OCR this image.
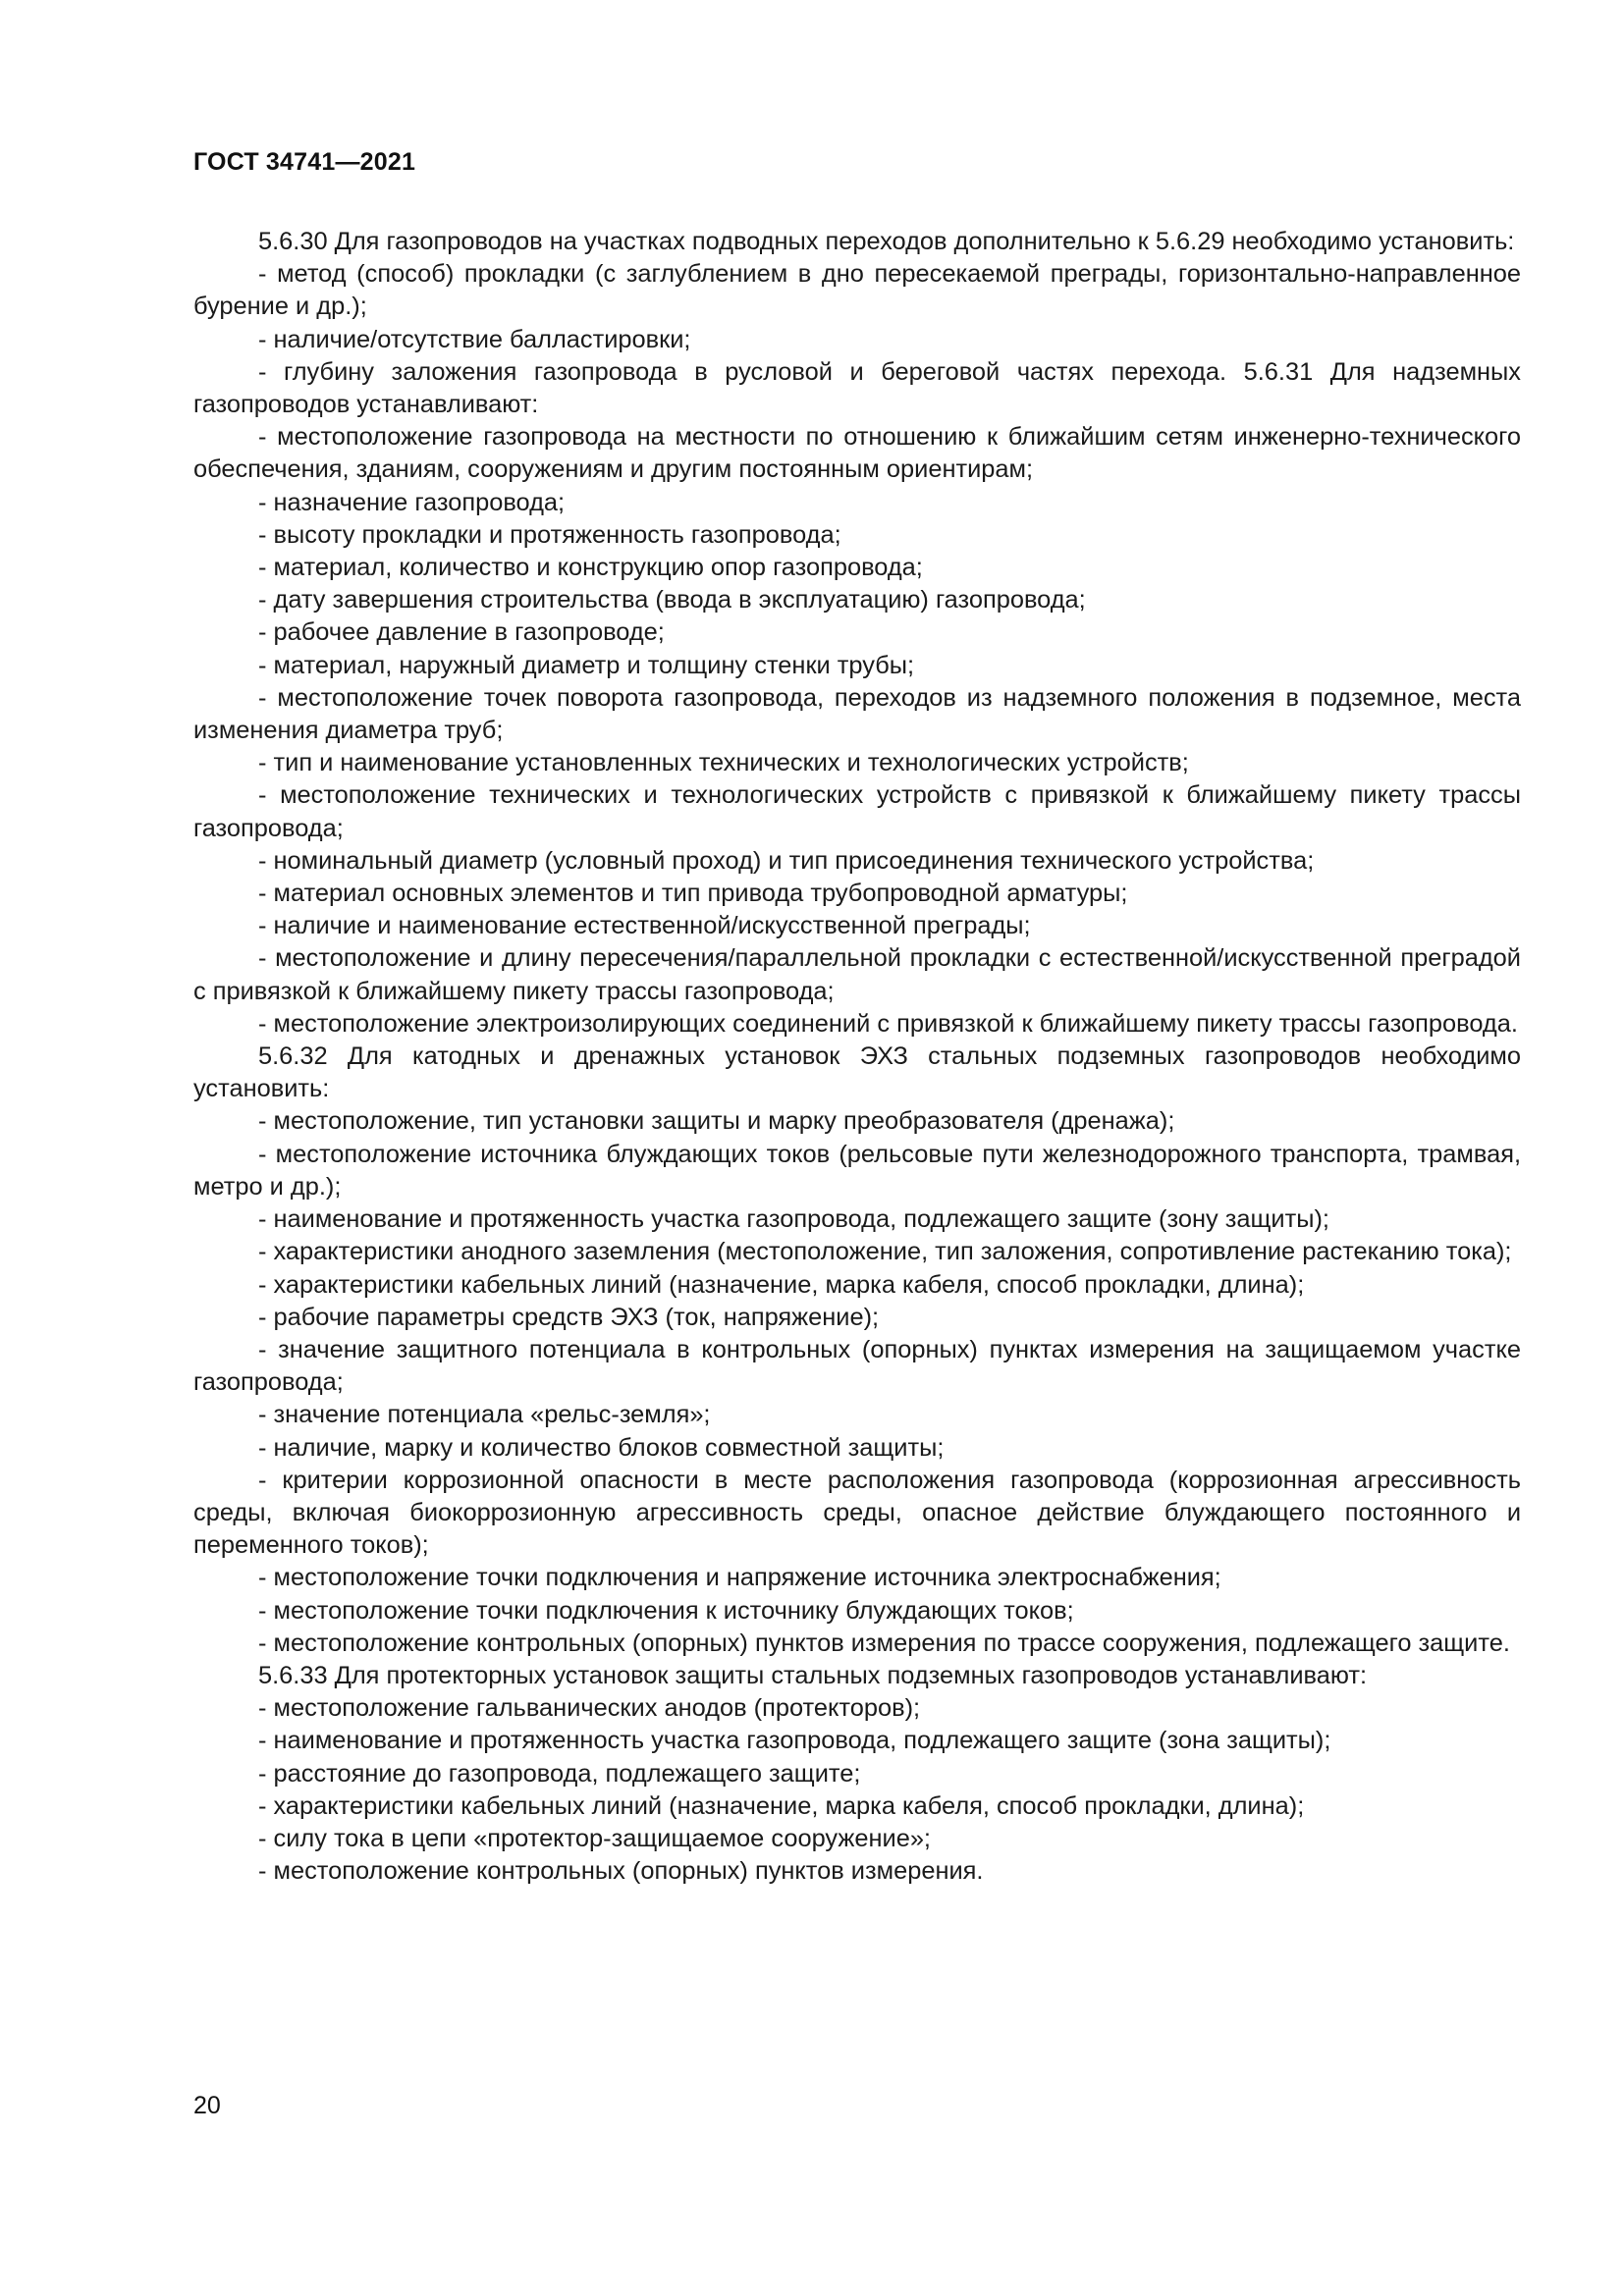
ГОСТ 34741—2021

5.6.30 Для газопроводов на участках подводных переходов дополнительно к 5.6.29 необходимо установить:

- метод (способ) прокладки (с заглублением в дно пересекаемой преграды, горизонтально-направленное бурение и др.);

- наличие/отсутствие балластировки;

- глубину заложения газопровода в русловой и береговой частях перехода. 5.6.31 Для надземных газопроводов устанавливают:

- местоположение газопровода на местности по отношению к ближайшим сетям инженерно-технического обеспечения, зданиям, сооружениям и другим постоянным ориентирам;

- назначение газопровода;

- высоту прокладки и протяженность газопровода;

- материал, количество и конструкцию опор газопровода;

- дату завершения строительства (ввода в эксплуатацию) газопровода;

- рабочее давление в газопроводе;

- материал, наружный диаметр и толщину стенки трубы;

- местоположение точек поворота газопровода, переходов из надземного положения в подземное, места изменения диаметра труб;

- тип и наименование установленных технических и технологических устройств;

- местоположение технических и технологических устройств с привязкой к ближайшему пикету трассы газопровода;

- номинальный диаметр (условный проход) и тип присоединения технического устройства;

- материал основных элементов и тип привода трубопроводной арматуры;

- наличие и наименование естественной/искусственной преграды;

- местоположение и длину пересечения/параллельной прокладки с естественной/искусственной преградой с привязкой к ближайшему пикету трассы газопровода;

- местоположение электроизолирующих соединений с привязкой к ближайшему пикету трассы газопровода.

5.6.32 Для катодных и дренажных установок ЭХЗ стальных подземных газопроводов необходимо установить:

- местоположение, тип установки защиты и марку преобразователя (дренажа);

- местоположение источника блуждающих токов (рельсовые пути железнодорожного транспорта, трамвая, метро и др.);

- наименование и протяженность участка газопровода, подлежащего защите (зону защиты);

- характеристики анодного заземления (местоположение, тип заложения, сопротивление растеканию тока);

- характеристики кабельных линий (назначение, марка кабеля, способ прокладки, длина);

- рабочие параметры средств ЭХЗ (ток, напряжение);

- значение защитного потенциала в контрольных (опорных) пунктах измерения на защищаемом участке газопровода;

- значение потенциала «рельс-земля»;

- наличие, марку и количество блоков совместной защиты;

- критерии коррозионной опасности в месте расположения газопровода (коррозионная агрессивность среды, включая биокоррозионную агрессивность среды, опасное действие блуждающего постоянного и переменного токов);

- местоположение точки подключения и напряжение источника электроснабжения;

- местоположение точки подключения к источнику блуждающих токов;

- местоположение контрольных (опорных) пунктов измерения по трассе сооружения, подлежащего защите.

5.6.33 Для протекторных установок защиты стальных подземных газопроводов устанавливают:

- местоположение гальванических анодов (протекторов);

- наименование и протяженность участка газопровода, подлежащего защите (зона защиты);

- расстояние до газопровода, подлежащего защите;

- характеристики кабельных линий (назначение, марка кабеля, способ прокладки, длина);

- силу тока в цепи «протектор-защищаемое сооружение»;

- местоположение контрольных (опорных) пунктов измерения.

20
